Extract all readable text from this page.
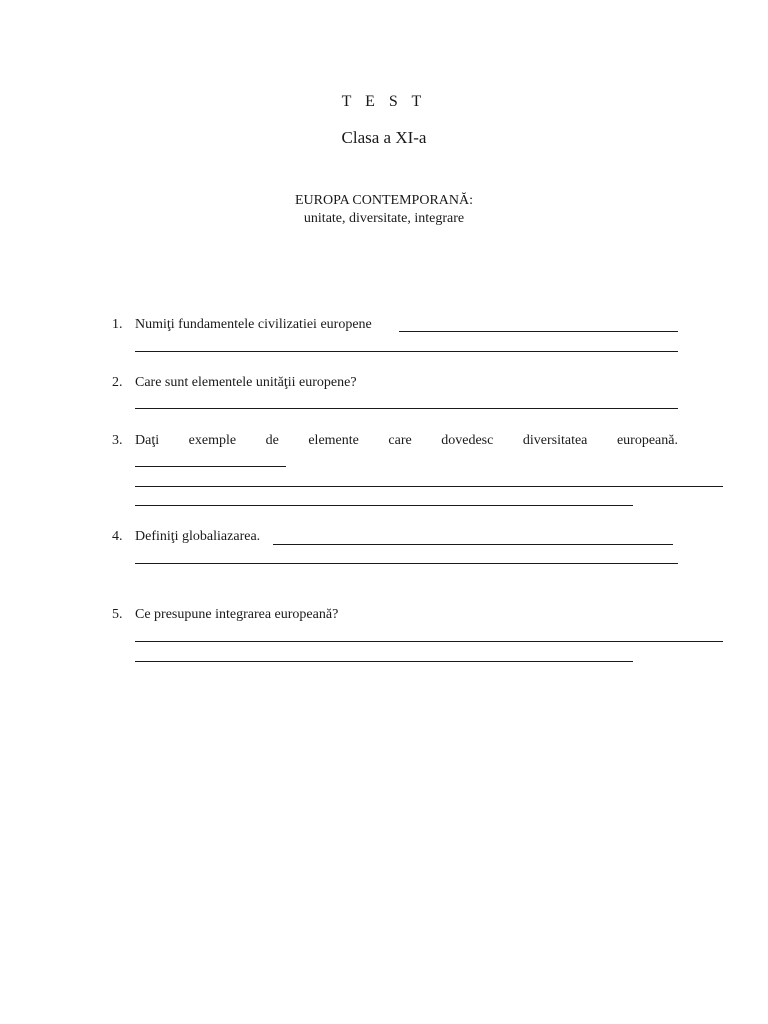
T E S T
Clasa a XI-a
EUROPA CONTEMPORANĂ:
unitate, diversitate, integrare
1. Numiţi fundamentele civilizatiei europene
2. Care sunt elementele unităţii europene?
3. Daţi exemple de elemente care dovedesc diversitatea europeană.
4. Definiţi globaliazarea.
5. Ce presupune integrarea europeană?
